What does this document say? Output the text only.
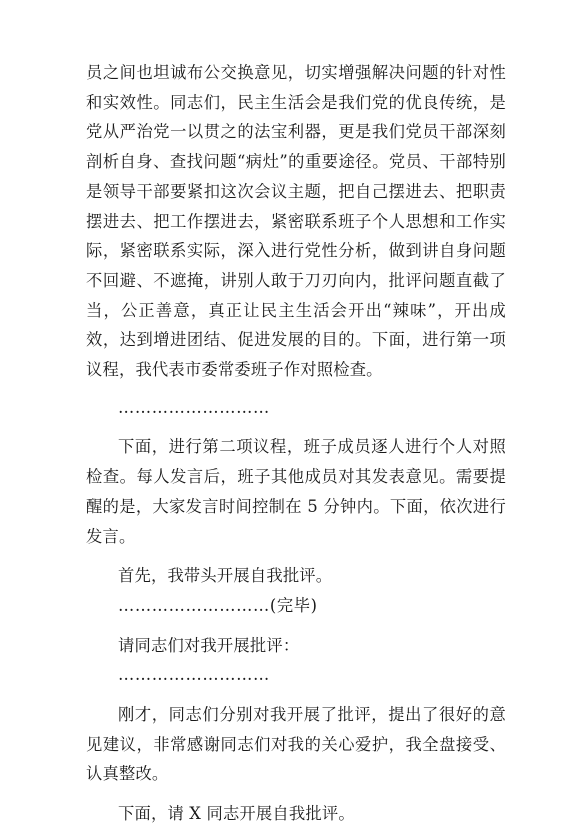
员之间也坦诚布公交换意见，切实增强解决问题的针对性和实效性。同志们，民主生活会是我们党的优良传统，是党从严治党一以贯之的法宝利器，更是我们党员干部深刻剖析自身、查找问题“病灶”的重要途径。党员、干部特别是领导干部要紧扣这次会议主题，把自己摆进去、把职责摆进去、把工作摆进去，紧密联系班子个人思想和工作实际，紧密联系实际，深入进行党性分析，做到讲自身问题不回避、不遮掩，讲别人敢于刀刃向内，批评问题直截了当，公正善意，真正让民主生活会开出“辣味”，开出成效，达到增进团结、促进发展的目的。下面，进行第一项议程，我代表市委常委班子作对照检查。

………………………

下面，进行第二项议程，班子成员逐人进行个人对照检查。每人发言后，班子其他成员对其发表意见。需要提醒的是，大家发言时间控制在 5 分钟内。下面，依次进行发言。

首先，我带头开展自我批评。

………………………(完毕)

请同志们对我开展批评：

………………………

刚才，同志们分别对我开展了批评，提出了很好的意见建议，非常感谢同志们对我的关心爱护，我全盘接受、认真整改。

下面，请 X 同志开展自我批评。
